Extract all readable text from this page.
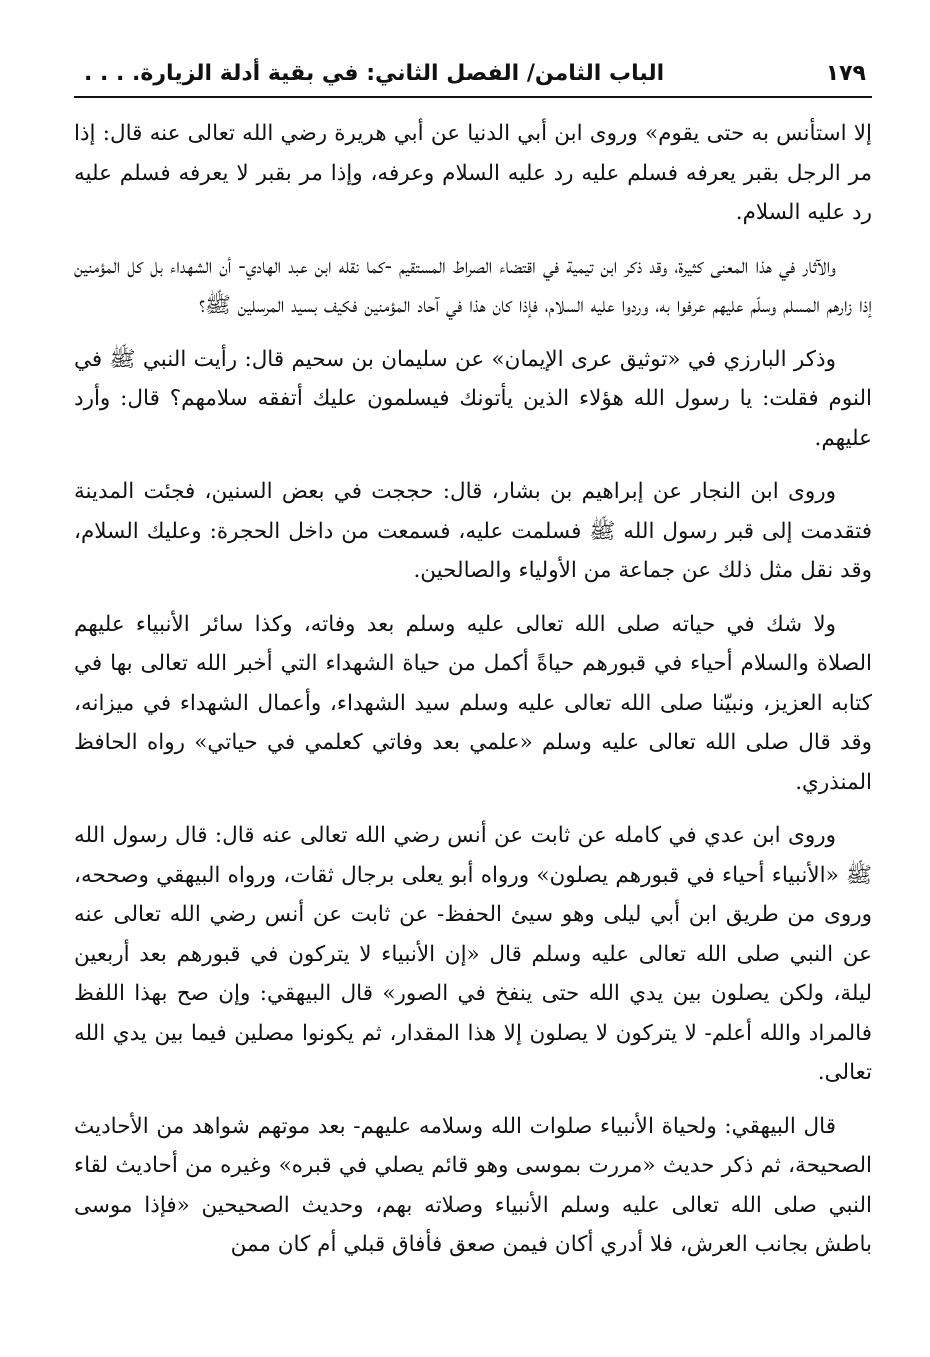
الباب الثامن/ الفصل الثاني: في بقية أدلة الزيارة. . . .	١٧٩

إلا استأنس به حتى يقوم» وروى ابن أبي الدنيا عن أبي هريرة رضي الله تعالى عنه قال: إذا مر الرجل بقبر يعرفه فسلم عليه رد عليه السلام وعرفه، وإذا مر بقبر لا يعرفه فسلم عليه رد عليه السلام.

والآثار في هذا المعنى كثيرة، وقد ذكر ابن تيمية في اقتضاء الصراط المستقيم -كما نقله ابن عبد الهادي- أن الشهداء بل كل المؤمنين إذا زارهم المسلم وسلّم عليهم عرفوا به، وردوا عليه السلام، فإذا كان هذا في آحاد المؤمنين فكيف بسيد المرسلين ﷺ؟

وذكر البارزي في «توثيق عرى الإيمان» عن سليمان بن سحيم قال: رأيت النبي ﷺ في النوم فقلت: يا رسول الله هؤلاء الذين يأتونك فيسلمون عليك أتفقه سلامهم؟ قال: وأرد عليهم.

وروى ابن النجار عن إبراهيم بن بشار، قال: حججت في بعض السنين، فجئت المدينة فتقدمت إلى قبر رسول الله ﷺ فسلمت عليه، فسمعت من داخل الحجرة: وعليك السلام، وقد نقل مثل ذلك عن جماعة من الأولياء والصالحين.

ولا شك في حياته صلى الله تعالى عليه وسلم بعد وفاته، وكذا سائر الأنبياء عليهم الصلاة والسلام أحياء في قبورهم حياةً أكمل من حياة الشهداء التي أخبر الله تعالى بها في كتابه العزيز، ونبيّنا صلى الله تعالى عليه وسلم سيد الشهداء، وأعمال الشهداء في ميزانه، وقد قال صلى الله تعالى عليه وسلم «علمي بعد وفاتي كعلمي في حياتي» رواه الحافظ المنذري.

وروى ابن عدي في كامله عن ثابت عن أنس رضي الله تعالى عنه قال: قال رسول الله ﷺ «الأنبياء أحياء في قبورهم يصلون» ورواه أبو يعلى برجال ثقات، ورواه البيهقي وصححه، وروى من طريق ابن أبي ليلى وهو سيئ الحفظ- عن ثابت عن أنس رضي الله تعالى عنه عن النبي صلى الله تعالى عليه وسلم قال «إن الأنبياء لا يتركون في قبورهم بعد أربعين ليلة، ولكن يصلون بين يدي الله حتى ينفخ في الصور» قال البيهقي: وإن صح بهذا اللفظ فالمراد والله أعلم- لا يتركون لا يصلون إلا هذا المقدار، ثم يكونوا مصلين فيما بين يدي الله تعالى.

قال البيهقي: ولحياة الأنبياء صلوات الله وسلامه عليهم- بعد موتهم شواهد من الأحاديث الصحيحة، ثم ذكر حديث «مررت بموسى وهو قائم يصلي في قبره» وغيره من أحاديث لقاء النبي صلى الله تعالى عليه وسلم الأنبياء وصلاته بهم، وحديث الصحيحين «فإذا موسى باطش بجانب العرش، فلا أدري أكان فيمن صعق فأفاق قبلي أم كان ممن
